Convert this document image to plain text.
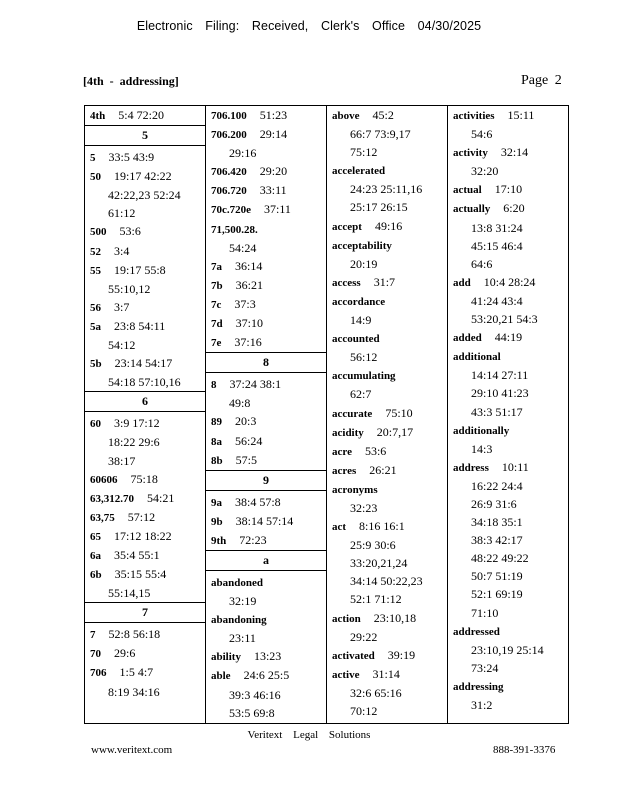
Electronic Filing: Received, Clerk's Office 04/30/2025
[4th - addressing]	Page 2
4th 5:4 72:20
5
5 33:5 43:9
50 19:17 42:22
42:22,23 52:24
61:12
500 53:6
52 3:4
55 19:17 55:8
55:10,12
56 3:7
5a 23:8 54:11
54:12
5b 23:14 54:17
54:18 57:10,16
6
60 3:9 17:12
18:22 29:6
38:17
60606 75:18
63,312.70 54:21
63,75 57:12
65 17:12 18:22
6a 35:4 55:1
6b 35:15 55:4
55:14,15
7
7 52:8 56:18
70 29:6
706 1:5 4:7
8:19 34:16
706.100 51:23
706.200 29:14
29:16
706.420 29:20
706.720 33:11
70c.720e 37:11
71,500.28.
54:24
7a 36:14
7b 36:21
7c 37:3
7d 37:10
7e 37:16
8
8 37:24 38:1
49:8
89 20:3
8a 56:24
8b 57:5
9
9a 38:4 57:8
9b 38:14 57:14
9th 72:23
a
abandoned
32:19
abandoning
23:11
ability 13:23
able 24:6 25:5
39:3 46:16
53:5 69:8
above 45:2
66:7 73:9,17
75:12
accelerated
24:23 25:11,16
25:17 26:15
accept 49:16
acceptability
20:19
access 31:7
accordance
14:9
accounted
56:12
accumulating
62:7
accurate 75:10
acidity 20:7,17
acre 53:6
acres 26:21
acronyms
32:23
act 8:16 16:1
25:9 30:6
33:20,21,24
34:14 50:22,23
52:1 71:12
action 23:10,18
29:22
activated 39:19
active 31:14
32:6 65:16
70:12
activities 15:11
54:6
activity 32:14
32:20
actual 17:10
actually 6:20
13:8 31:24
45:15 46:4
64:6
add 10:4 28:24
41:24 43:4
53:20,21 54:3
added 44:19
additional
14:14 27:11
29:10 41:23
43:3 51:17
additionally
14:3
address 10:11
16:22 24:4
26:9 31:6
34:18 35:1
38:3 42:17
48:22 49:22
50:7 51:19
52:1 69:19
71:10
addressed
23:10,19 25:14
73:24
addressing
31:2
Veritext Legal Solutions
www.veritext.com	888-391-3376
